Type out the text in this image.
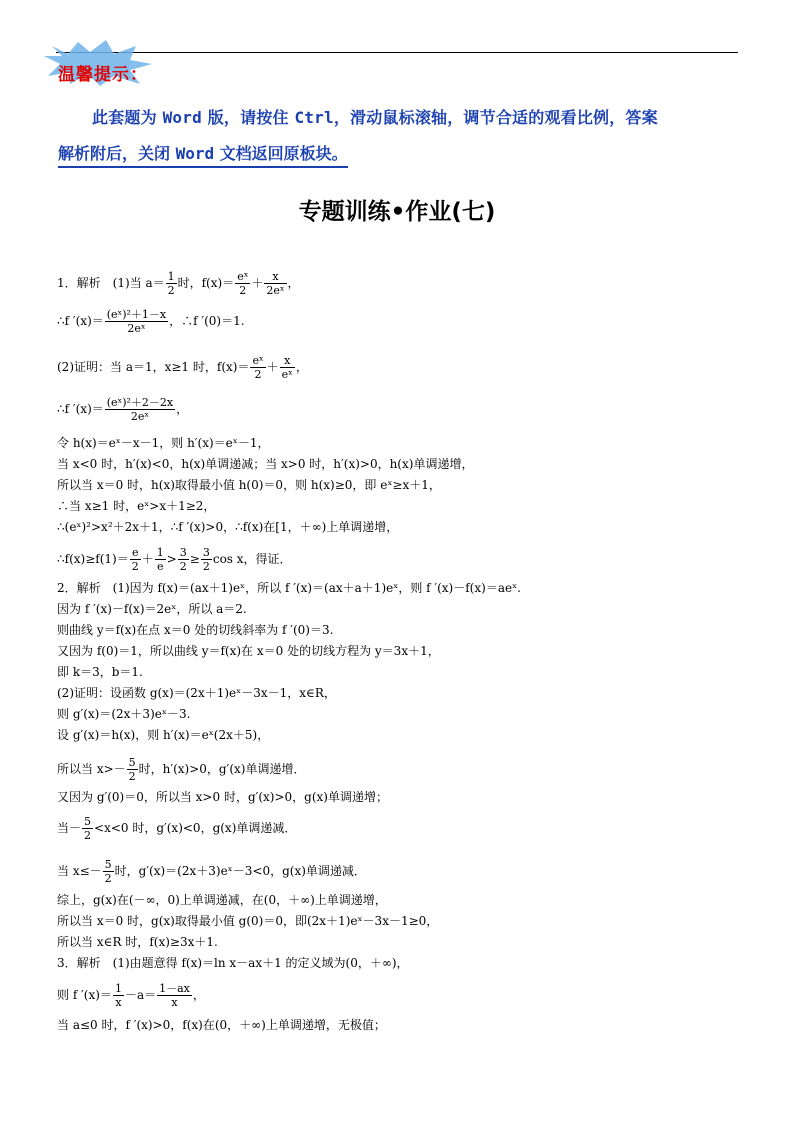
温馨提示：
此套题为 Word 版，请按住 Ctrl，滑动鼠标滚轴，调节合适的观看比例，答案
解析附后，关闭 Word 文档返回原板块。
专题训练•作业(七)
1．解析　(1)当 $a= \frac{1}{2}$ 时，$f(x)= \frac{\text{eˣ}}{2} + \frac{x}{\text{2eˣ}}$ ，
∴f $'(x)= \frac{\text{(eˣ)²＋1－x}}{\text{2eˣ}}$ ，∴f ′(0)＝1.
(2)证明：当 a＝1，x≥1 时，$f(x)= \frac{\text{eˣ}}{2} + \frac{x}{\text{eˣ}}$ ，
∴f $'(x)= \frac{\text{(eˣ)²＋2－2x}}{\text{2eˣ}}$ ，
令 h(x)＝eˣ－x－1，则 h′(x)＝eˣ－1，
当 x<0 时，h′(x)<0，h(x)单调递减；当 x>0 时，h′(x)>0，h(x)单调递增，
所以当 x＝0 时，h(x)取得最小值 h(0)＝0，则 h(x)≥0，即 eˣ≥x＋1，
∴当 x≥1 时，eˣ>x＋1≥2，
∴(eˣ)²>x²＋2x＋1，∴f ′(x)>0，∴f(x)在[1，＋∞)上单调递增，
∴f(x)≥f(1)＝ $\frac{e}{2} + \frac{1}{e} > \frac{3}{2} \ge \frac{3}{2}$ cos x，得证．
2．解析　(1)因为 f(x)＝(ax＋1)eˣ，所以 f ′(x)＝(ax＋a＋1)eˣ，则 f ′(x)－f(x)＝aeˣ.
因为 f ′(x)－f(x)＝2eˣ，所以 a＝2.
则曲线 y＝f(x)在点 x＝0 处的切线斜率为 f ′(0)＝3.
又因为 f(0)＝1，所以曲线 y＝f(x)在 x＝0 处的切线方程为 y＝3x＋1，
即 k＝3，b＝1.
(2)证明：设函数 g(x)＝(2x＋1)eˣ－3x－1，x∈R，
则 g′(x)＝(2x＋3)eˣ－3.
设 g′(x)＝h(x)，则 h′(x)＝eˣ(2x＋5)，
所以当 $x>- \frac{5}{2}$ 时，h′(x)>0，g′(x)单调递增．
又因为 g′(0)＝0，所以当 x>0 时，g′(x)>0，g(x)单调递增；
当－ $\frac{5}{2} <x<0$ 时，g′(x)<0，g(x)单调递减．
当 $x\le- \frac{5}{2}$ 时，g′(x)＝(2x＋3)eˣ－3<0，g(x)单调递减．
综上，g(x)在(－∞，0)上单调递减，在(0，＋∞)上单调递增，
所以当 x＝0 时，g(x)取得最小值 g(0)＝0，即(2x＋1)eˣ－3x－1≥0，
所以当 x∈R 时，f(x)≥3x＋1.
3．解析　(1)由题意得 f(x)＝ln x－ax＋1 的定义域为(0，＋∞)，
则 f $'(x)= \frac{1}{x} -a= \frac{1-ax}{x}$ ，
当 a≤0 时，f ′(x)>0，f(x)在(0，＋∞)上单调递增，无极值；
